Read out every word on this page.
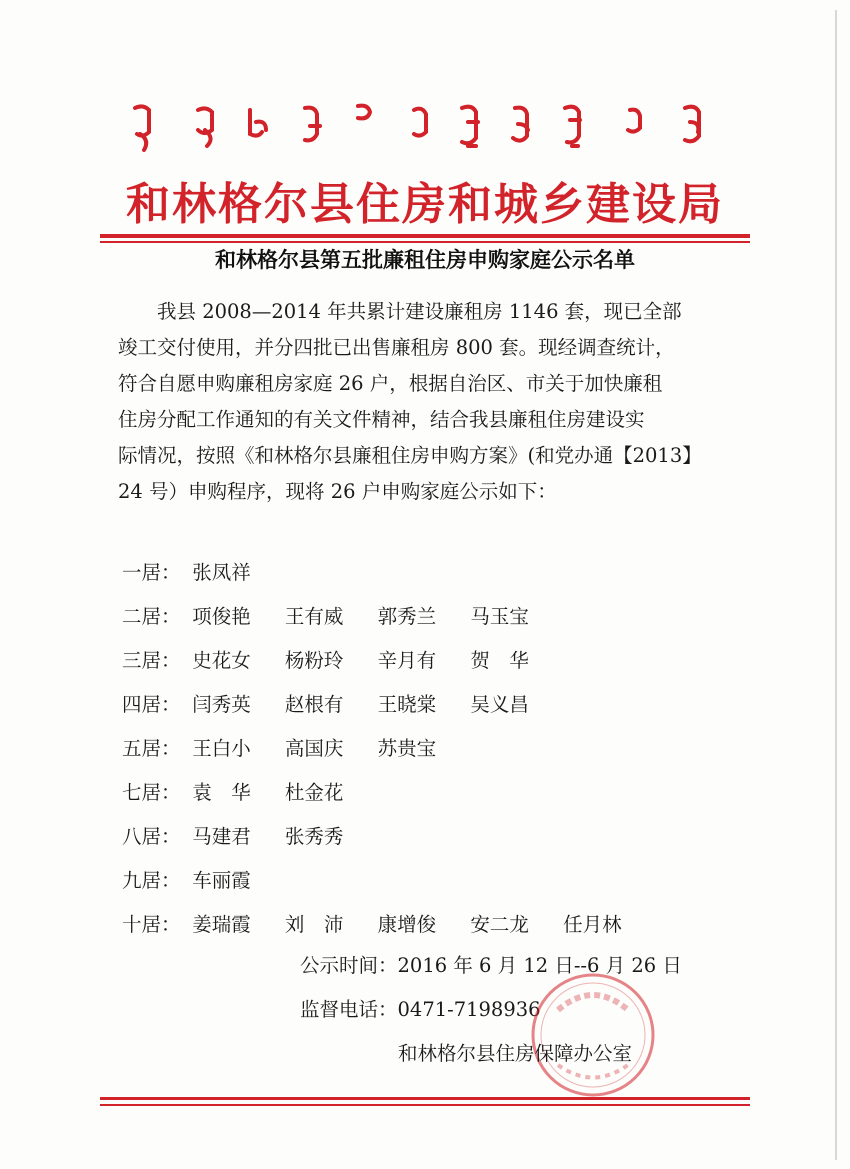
和林格尔县住房和城乡建设局
和林格尔县第五批廉租住房申购家庭公示名单

我县 2008—2014 年共累计建设廉租房 1146 套，现已全部

竣工交付使用，并分四批已出售廉租房 800 套。现经调查统计，

符合自愿申购廉租房家庭 26 户，根据自治区、市关于加快廉租

住房分配工作通知的有关文件精神，结合我县廉租住房建设实

际情况，按照《和林格尔县廉租住房申购方案》(和党办通【2013】

24 号）申购程序，现将 26 户申购家庭公示如下：

一居： 张凤祥
二居： 项俊艳 王有威 郭秀兰 马玉宝
三居： 史花女 杨粉玲 辛月有 贺　华
四居： 闫秀英 赵根有 王晓棠 吴义昌
五居： 王白小 高国庆 苏贵宝
七居： 袁　华 杜金花
八居： 马建君 张秀秀
九居： 车丽霞
十居： 姜瑞霞 刘　沛 康增俊 安二龙 任月林
公示时间：2016 年 6 月 12 日--6 月 26 日
监督电话：0471-7198936
和林格尔县住房保障办公室
